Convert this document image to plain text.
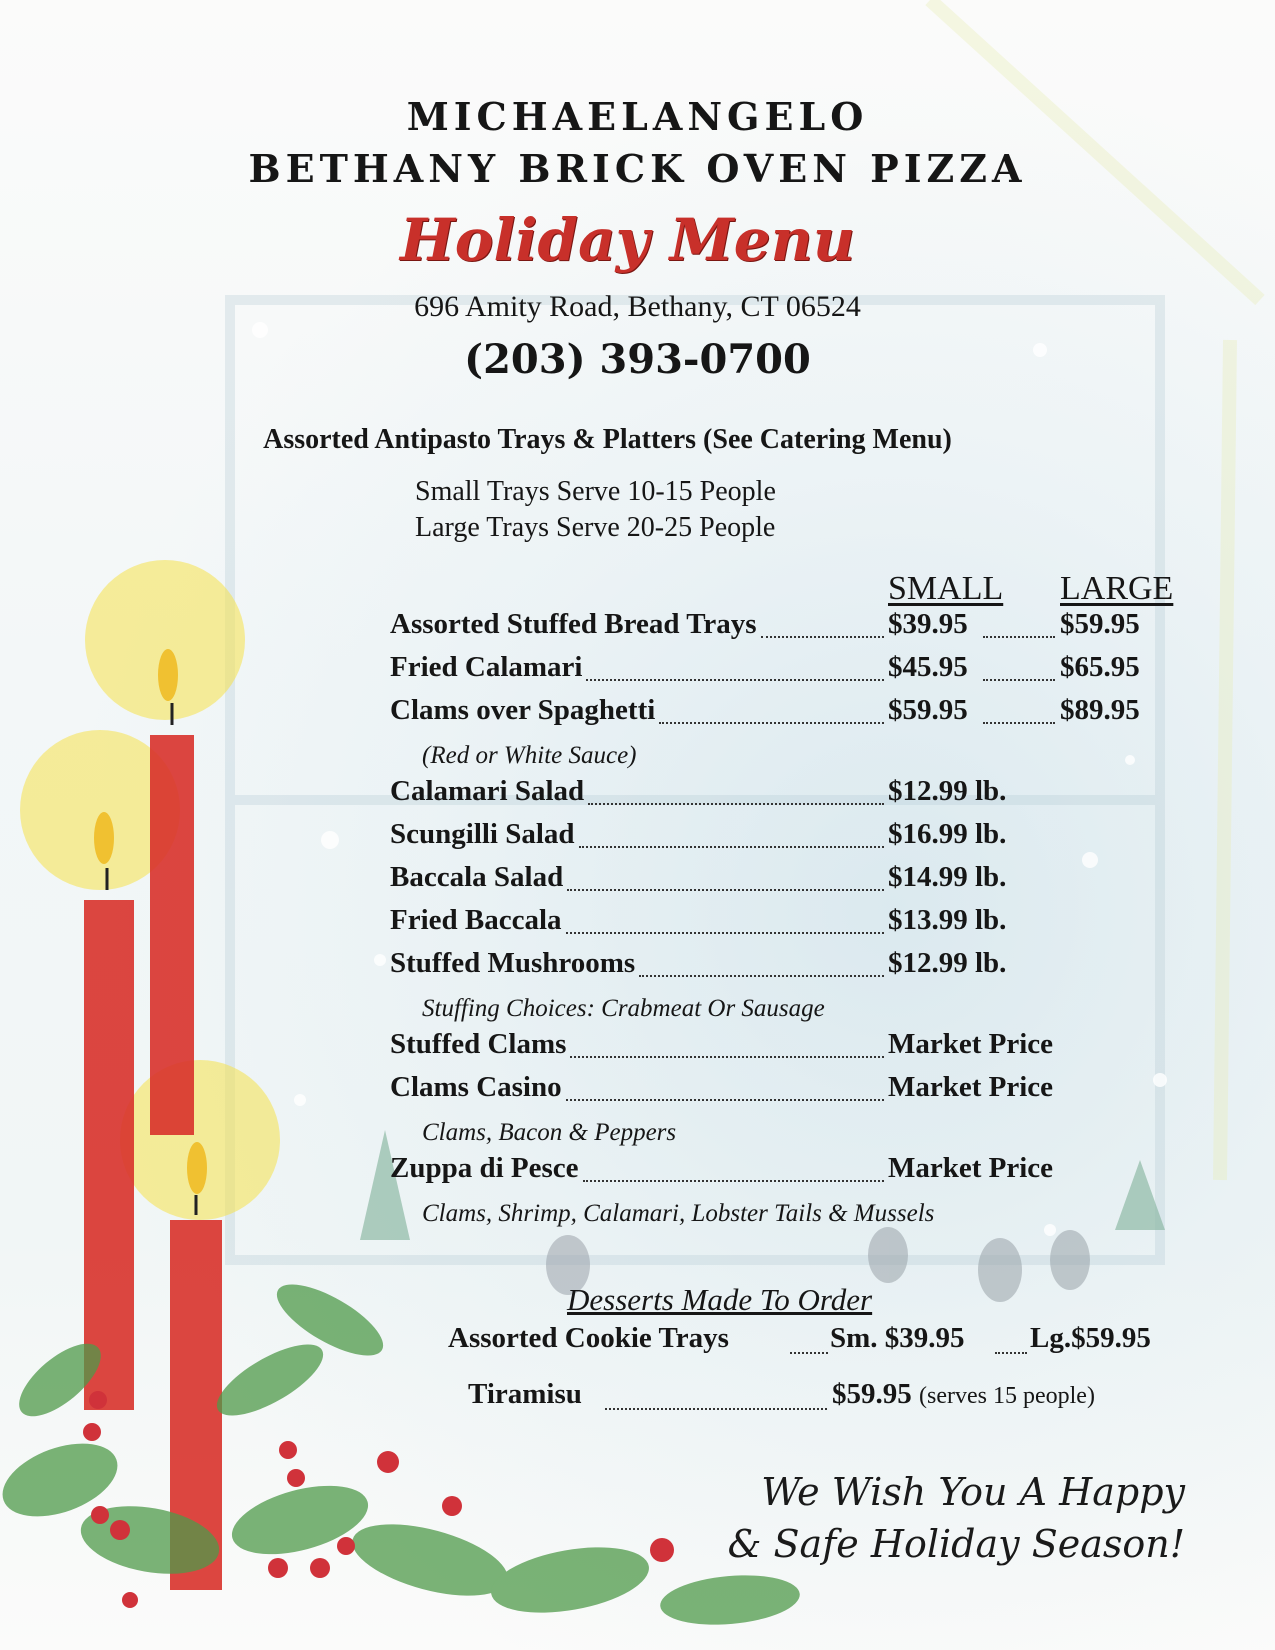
MICHAELANGELO
BETHANY BRICK OVEN PIZZA
Holiday Menu

696 Amity Road, Bethany, CT 06524

(203) 393-0700

Assorted Antipasto Trays & Platters (See Catering Menu)

Small Trays Serve 10-15 People
Large Trays Serve 20-25 People
SMALL LARGE
Assorted Stuffed Bread Trays	$39.95	$59.95
Fried Calamari	$45.95	$65.95
Clams over Spaghetti	$59.95	$89.95
(Red or White Sauce)
Calamari Salad	$12.99 lb.
Scungilli Salad	$16.99 lb.
Baccala Salad	$14.99 lb.
Fried Baccala	$13.99 lb.
Stuffed Mushrooms	$12.99 lb.
Stuffing Choices: Crabmeat Or Sausage
Stuffed Clams	Market Price
Clams Casino	Market Price
Clams, Bacon & Peppers
Zuppa di Pesce	Market Price
Clams, Shrimp, Calamari, Lobster Tails & Mussels
Desserts Made To Order
Assorted Cookie Trays	Sm. $39.95 Lg.$59.95
Tiramisu	$59.95 (serves 15 people)
We Wish You A Happy
& Safe Holiday Season!
